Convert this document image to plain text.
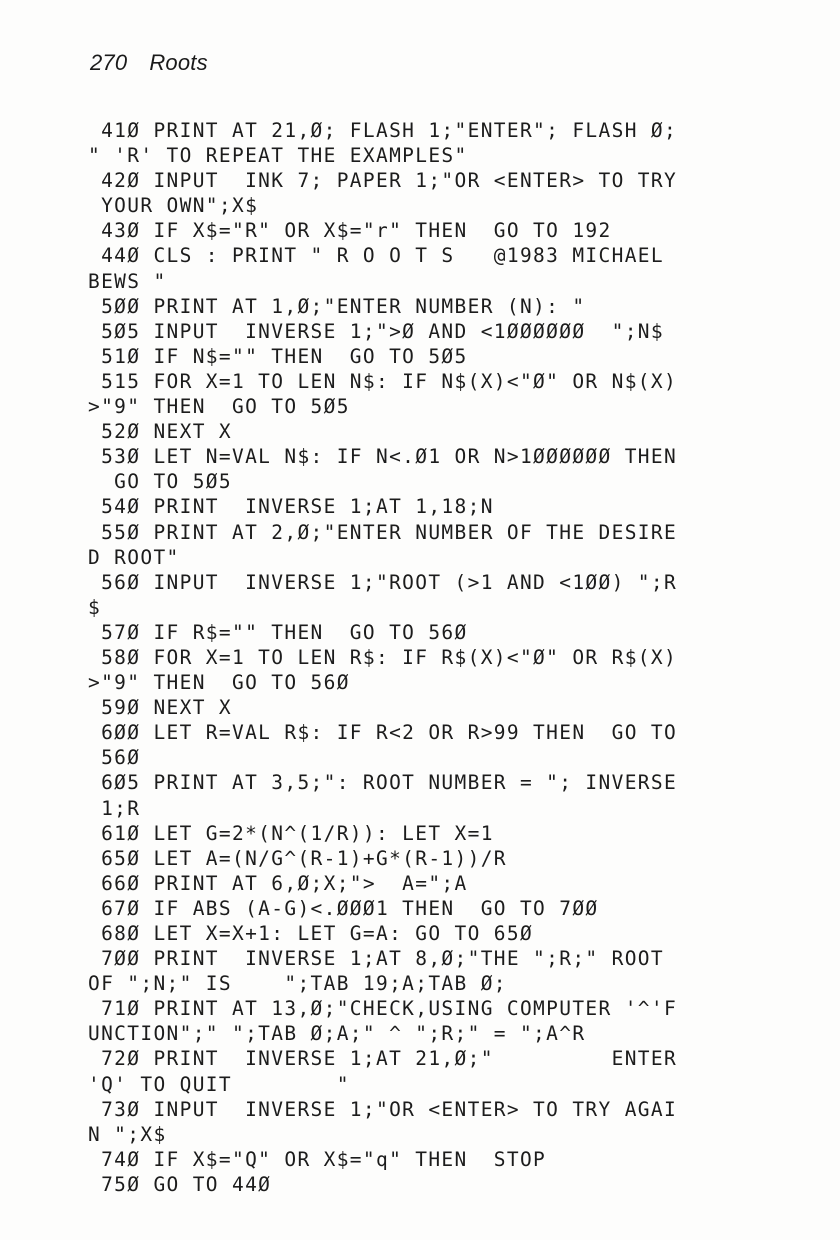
270 Roots
41Ø PRINT AT 21,Ø; FLASH 1;"ENTER"; FLASH Ø;
" 'R' TO REPEAT THE EXAMPLES"
42Ø INPUT  INK 7; PAPER 1;"OR <ENTER> TO TRY
YOUR OWN";X$
43Ø IF X$="R" OR X$="r" THEN  GO TO 192
44Ø CLS : PRINT " R O O T S   @1983 MICHAEL
BEWS "
5ØØ PRINT AT 1,Ø;"ENTER NUMBER (N): "
5Ø5 INPUT  INVERSE 1;">Ø AND <1ØØØØØØ  ";N$
51Ø IF N$="" THEN  GO TO 5Ø5
515 FOR X=1 TO LEN N$: IF N$(X)<"Ø" OR N$(X)
>"9" THEN  GO TO 5Ø5
52Ø NEXT X
53Ø LET N=VAL N$: IF N<.Ø1 OR N>1ØØØØØØ THEN
GO TO 5Ø5
54Ø PRINT  INVERSE 1;AT 1,18;N
55Ø PRINT AT 2,Ø;"ENTER NUMBER OF THE DESIRE
D ROOT"
56Ø INPUT  INVERSE 1;"ROOT (>1 AND <1ØØ) ";R
$
57Ø IF R$="" THEN  GO TO 56Ø
58Ø FOR X=1 TO LEN R$: IF R$(X)<"Ø" OR R$(X)
>"9" THEN  GO TO 56Ø
59Ø NEXT X
6ØØ LET R=VAL R$: IF R<2 OR R>99 THEN  GO TO
56Ø
6Ø5 PRINT AT 3,5;": ROOT NUMBER = "; INVERSE
1;R
61Ø LET G=2*(N^(1/R)): LET X=1
65Ø LET A=(N/G^(R-1)+G*(R-1))/R
66Ø PRINT AT 6,Ø;X;">  A=";A
67Ø IF ABS (A-G)<.ØØØ1 THEN  GO TO 7ØØ
68Ø LET X=X+1: LET G=A: GO TO 65Ø
7ØØ PRINT  INVERSE 1;AT 8,Ø;"THE ";R;" ROOT
OF ";N;" IS    ";TAB 19;A;TAB Ø;
71Ø PRINT AT 13,Ø;"CHECK,USING COMPUTER '^'F
UNCTION";" ";TAB Ø;A;" ^ ";R;" = ";A^R
72Ø PRINT  INVERSE 1;AT 21,Ø;"         ENTER
'Q' TO QUIT        "
73Ø INPUT  INVERSE 1;"OR <ENTER> TO TRY AGAI
N ";X$
74Ø IF X$="Q" OR X$="q" THEN  STOP
75Ø GO TO 44Ø
